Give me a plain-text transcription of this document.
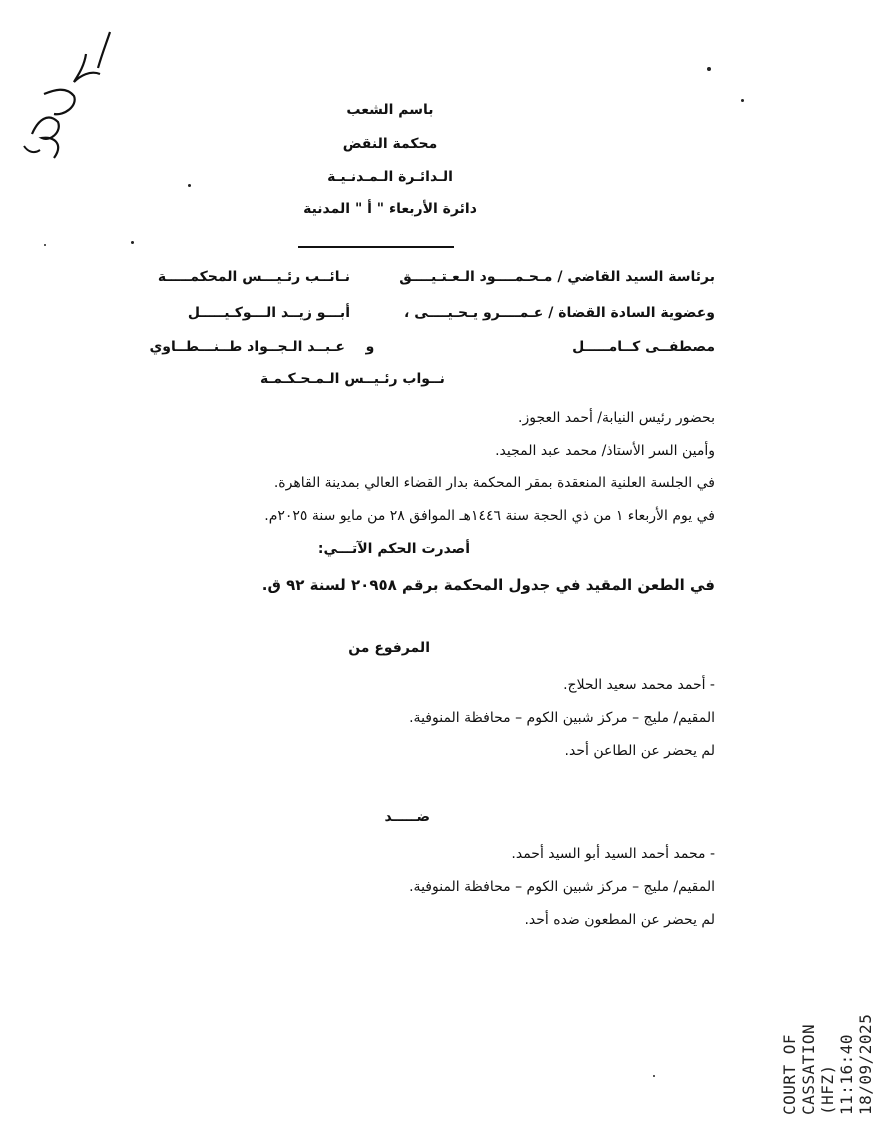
باسم الشعب
محكمة النقض
الـدائـرة الـمـدنـيـة
دائرة الأربعاء " أ " المدنية
برئاسة السيد القاضي / مـحـمــــود الـعـتـيــــق
نـائــب رئـيـــس المحكمـــــة
وعضوية السادة القضاة / عـمــــرو يـحـيــــى ،
أبـــو زيــد الـــوكـيـــــل
مصطفــى كــامـــــل
و
عـبــد الـجــواد طــنـــطــاوي
نــواب رئـيــس الـمـحـكـمـة
بحضور رئيس النيابة/ أحمد العجوز.
وأمين السر الأستاذ/ محمد عبد المجيد.
في الجلسة العلنية المنعقدة بمقر المحكمة بدار القضاء العالي بمدينة القاهرة.
في يوم الأربعاء ١ من ذي الحجة سنة ١٤٤٦هـ الموافق ٢٨ من مايو سنة ٢٠٢٥م.
أصدرت الحكم الآتـــي:
في الطعن المقيد في جدول المحكمة برقم ٢٠٩٥٨ لسنة ٩٢ ق.
المرفوع من
- أحمد محمد سعيد الحلاج.
المقيم/ مليج – مركز شبين الكوم – محافظة المنوفية.
لم يحضر عن الطاعن أحد.
ضـــــد
- محمد أحمد السيد أبو السيد أحمد.
المقيم/ مليج – مركز شبين الكوم – محافظة المنوفية.
لم يحضر عن المطعون ضده أحد.
COURT OF CASSATION (HFZ) 11:16:40 18/09/2025
